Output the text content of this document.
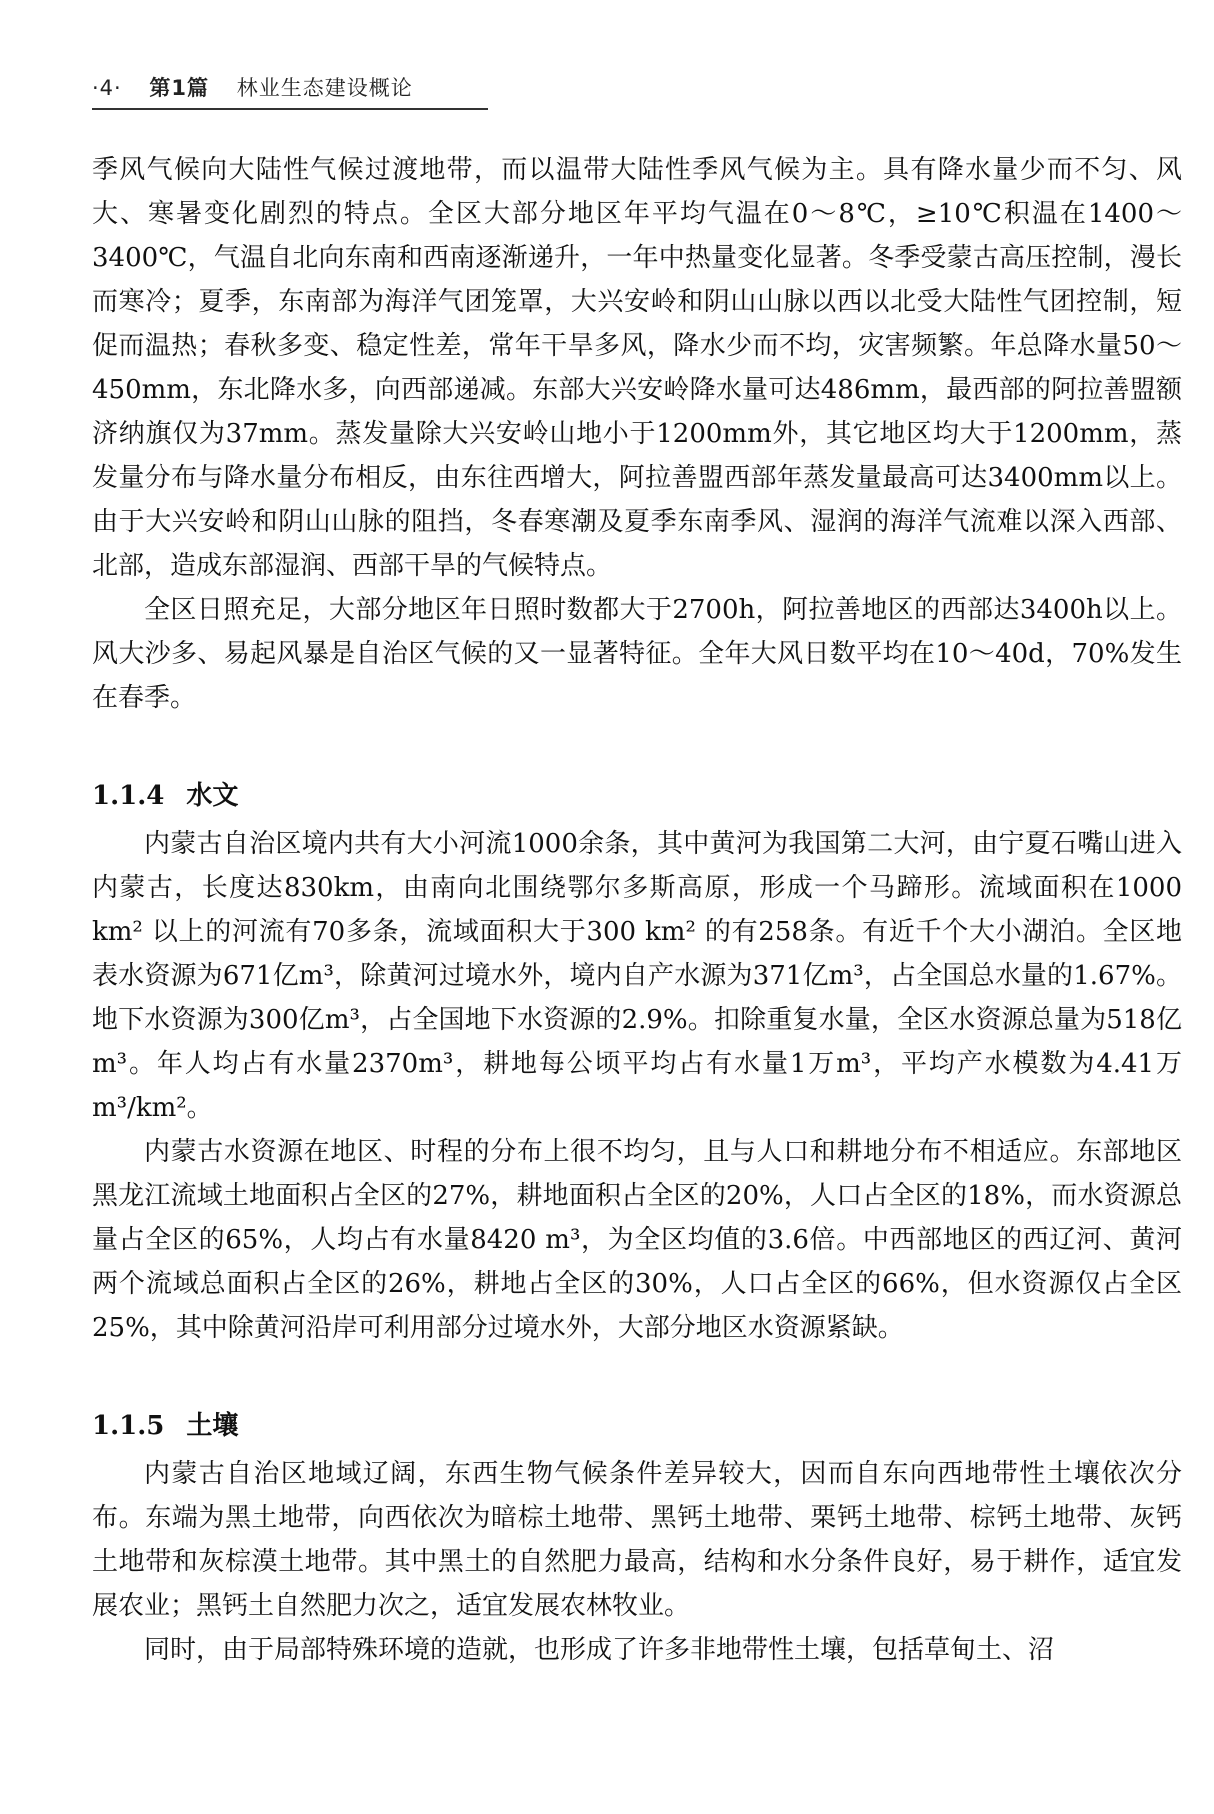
·4· 第1篇 林业生态建设概论

季风气候向大陆性气候过渡地带，而以温带大陆性季风气候为主。具有降水量少而不匀、风大、寒暑变化剧烈的特点。全区大部分地区年平均气温在0～8℃，≥10℃积温在1400～3400℃，气温自北向东南和西南逐渐递升，一年中热量变化显著。冬季受蒙古高压控制，漫长而寒冷；夏季，东南部为海洋气团笼罩，大兴安岭和阴山山脉以西以北受大陆性气团控制，短促而温热；春秋多变、稳定性差，常年干旱多风，降水少而不均，灾害频繁。年总降水量50～450mm，东北降水多，向西部递减。东部大兴安岭降水量可达486mm，最西部的阿拉善盟额济纳旗仅为37mm。蒸发量除大兴安岭山地小于1200mm外，其它地区均大于1200mm，蒸发量分布与降水量分布相反，由东往西增大，阿拉善盟西部年蒸发量最高可达3400mm以上。由于大兴安岭和阴山山脉的阻挡，冬春寒潮及夏季东南季风、湿润的海洋气流难以深入西部、北部，造成东部湿润、西部干旱的气候特点。

全区日照充足，大部分地区年日照时数都大于2700h，阿拉善地区的西部达3400h以上。风大沙多、易起风暴是自治区气候的又一显著特征。全年大风日数平均在10～40d，70%发生在春季。

1.1.4 水文

内蒙古自治区境内共有大小河流1000余条，其中黄河为我国第二大河，由宁夏石嘴山进入内蒙古，长度达830km，由南向北围绕鄂尔多斯高原，形成一个马蹄形。流域面积在1000 km² 以上的河流有70多条，流域面积大于300 km² 的有258条。有近千个大小湖泊。全区地表水资源为671亿m³，除黄河过境水外，境内自产水源为371亿m³，占全国总水量的1.67%。地下水资源为300亿m³，占全国地下水资源的2.9%。扣除重复水量，全区水资源总量为518亿m³。年人均占有水量2370m³，耕地每公顷平均占有水量1万m³，平均产水模数为4.41万m³/km²。

内蒙古水资源在地区、时程的分布上很不均匀，且与人口和耕地分布不相适应。东部地区黑龙江流域土地面积占全区的27%，耕地面积占全区的20%，人口占全区的18%，而水资源总量占全区的65%，人均占有水量8420 m³，为全区均值的3.6倍。中西部地区的西辽河、黄河两个流域总面积占全区的26%，耕地占全区的30%，人口占全区的66%，但水资源仅占全区25%，其中除黄河沿岸可利用部分过境水外，大部分地区水资源紧缺。

1.1.5 土壤

内蒙古自治区地域辽阔，东西生物气候条件差异较大，因而自东向西地带性土壤依次分布。东端为黑土地带，向西依次为暗棕土地带、黑钙土地带、栗钙土地带、棕钙土地带、灰钙土地带和灰棕漠土地带。其中黑土的自然肥力最高，结构和水分条件良好，易于耕作，适宜发展农业；黑钙土自然肥力次之，适宜发展农林牧业。

同时，由于局部特殊环境的造就，也形成了许多非地带性土壤，包括草甸土、沼
